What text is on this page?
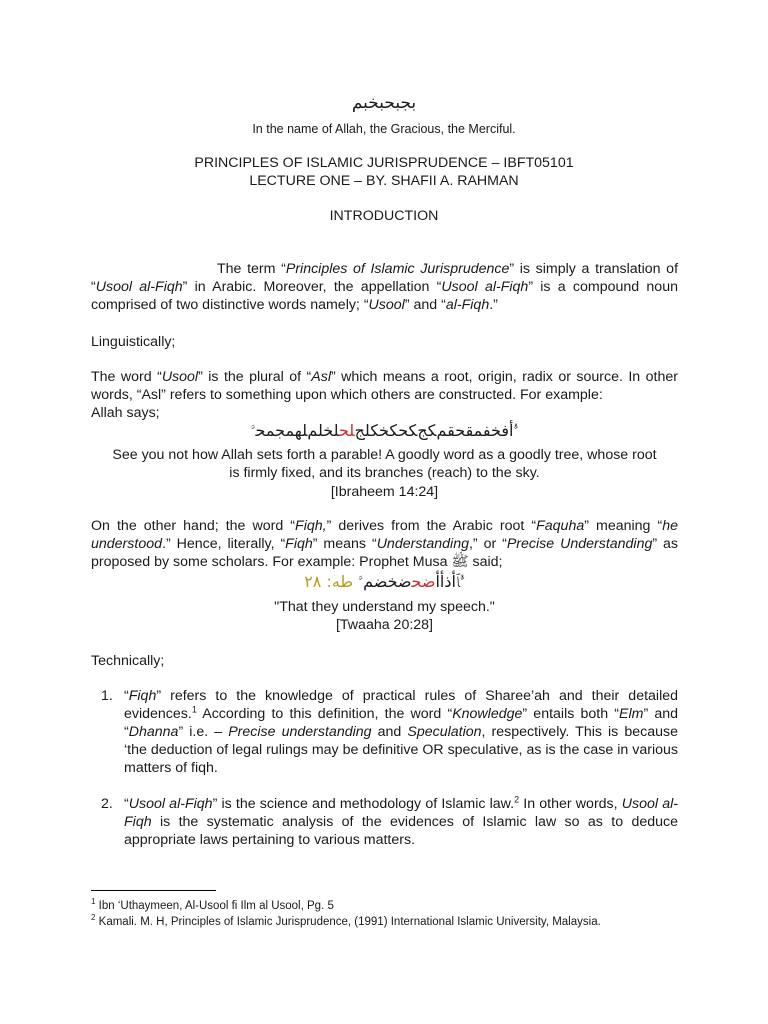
بجبحبخبم
In the name of Allah, the Gracious, the Merciful.
PRINCIPLES OF ISLAMIC JURISPRUDENCE – IBFT05101
LECTURE ONE – BY. SHAFII A. RAHMAN
INTRODUCTION
The term “Principles of Islamic Jurisprudence” is simply a translation of “Usool al-Fiqh” in Arabic. Moreover, the appellation “Usool al-Fiqh” is a compound noun comprised of two distinctive words namely; “Usool” and “al-Fiqh.”
Linguistically;
The word “Usool” is the plural of “Asl” which means a root, origin, radix or source. In other words, “Asl” refers to something upon which others are constructed. For example:
Allah says;
ﱡأﻓﺨﻔﻤﻘﺤﻘﻢﻜﺞﻜﺤﻜﺨﻜﻠﺞﻠﺤﻠﺨﻠﻢﻠﻬﻤﺠﻤﺤﱠ
See you not how Allah sets forth a parable! A goodly word as a goodly tree, whose root
is firmly fixed, and its branches (reach) to the sky.
[Ibraheem 14:24]
On the other hand; the word “Fiqh,” derives from the Arabic root “Faquha” meaning “he understood.” Hence, literally, “Fiqh” means “Understanding,” or “Precise Understanding” as proposed by some scholars. For example: Prophet Musa ﷺ said;
ﱡﭑﺃﺫﺃﺃﺿﺤﺿﺨﻀﻢﱠ طه: ٢٨
"That they understand my speech."
[Twaaha 20:28]
Technically;
1. “Fiqh” refers to the knowledge of practical rules of Sharee’ah and their detailed evidences.$^1$ According to this definition, the word “Knowledge” entails both “Elm” and “Dhanna” i.e. – Precise understanding and Speculation, respectively. This is because ‘the deduction of legal rulings may be definitive OR speculative, as is the case in various matters of fiqh.
2. “Usool al-Fiqh” is the science and methodology of Islamic law.$^2$ In other words, Usool al-Fiqh is the systematic analysis of the evidences of Islamic law so as to deduce appropriate laws pertaining to various matters.
$^1$ Ibn ‘Uthaymeen, Al-Usool fi Ilm al Usool, Pg. 5
$^2$ Kamali. M. H, Principles of Islamic Jurisprudence, (1991) International Islamic University, Malaysia.
